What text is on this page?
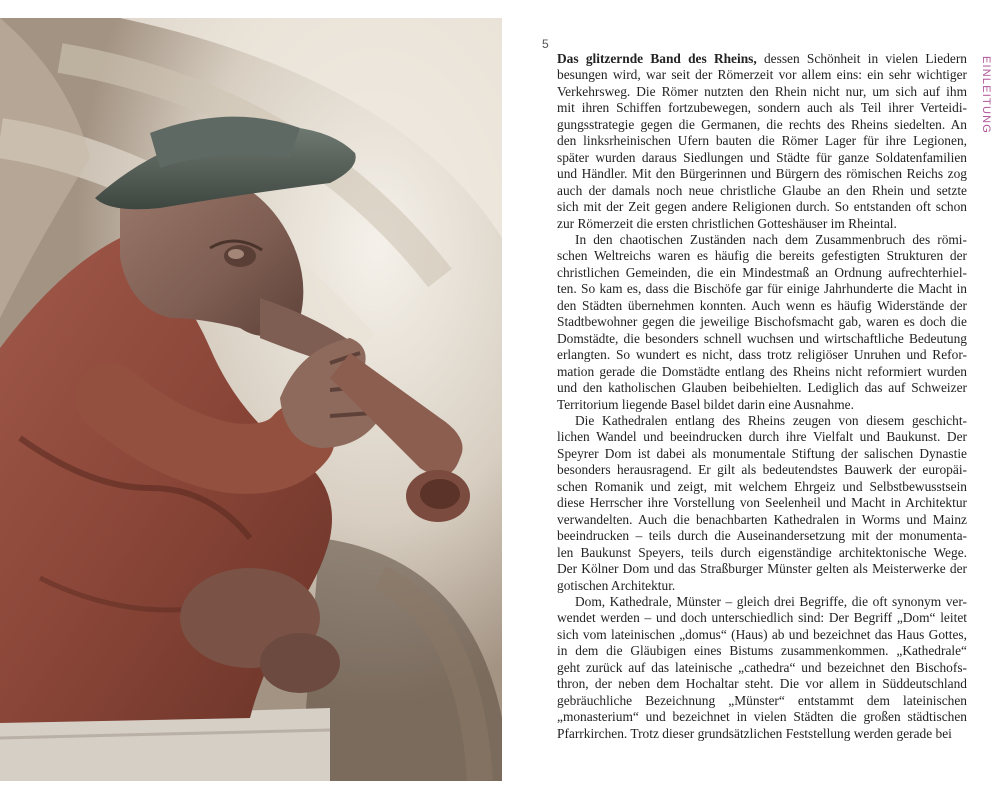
5
EINLEITUNG

Das glitzernde Band des Rheins, dessen Schönheit in vielen Liedern
besungen wird, war seit der Römerzeit vor allem eins: ein sehr wichtiger
Verkehrsweg. Die Römer nutzten den Rhein nicht nur, um sich auf ihm
mit ihren Schiffen fortzubewegen, sondern auch als Teil ihrer Verteidi-
gungsstrategie gegen die Germanen, die rechts des Rheins siedelten. An
den linksrheinischen Ufern bauten die Römer Lager für ihre Legionen,
später wurden daraus Siedlungen und Städte für ganze Soldatenfamilien
und Händler. Mit den Bürgerinnen und Bürgern des römischen Reichs zog
auch der damals noch neue christliche Glaube an den Rhein und setzte
sich mit der Zeit gegen andere Religionen durch. So entstanden oft schon
zur Römerzeit die ersten christlichen Gotteshäuser im Rheintal.

In den chaotischen Zuständen nach dem Zusammenbruch des römi-
schen Weltreichs waren es häufig die bereits gefestigten Strukturen der
christlichen Gemeinden, die ein Mindestmaß an Ordnung aufrechterhiel-
ten. So kam es, dass die Bischöfe gar für einige Jahrhunderte die Macht in
den Städten übernehmen konnten. Auch wenn es häufig Widerstände der
Stadtbewohner gegen die jeweilige Bischofsmacht gab, waren es doch die
Domstädte, die besonders schnell wuchsen und wirtschaftliche Bedeutung
erlangten. So wundert es nicht, dass trotz religiöser Unruhen und Refor-
mation gerade die Domstädte entlang des Rheins nicht reformiert wurden
und den katholischen Glauben beibehielten. Lediglich das auf Schweizer
Territorium liegende Basel bildet darin eine Ausnahme.

Die Kathedralen entlang des Rheins zeugen von diesem geschicht-
lichen Wandel und beeindrucken durch ihre Vielfalt und Baukunst. Der
Speyrer Dom ist dabei als monumentale Stiftung der salischen Dynastie
besonders herausragend. Er gilt als bedeutendstes Bauwerk der europäi-
schen Romanik und zeigt, mit welchem Ehrgeiz und Selbstbewusstsein
diese Herrscher ihre Vorstellung von Seelenheil und Macht in Architektur
verwandelten. Auch die benachbarten Kathedralen in Worms und Mainz
beeindrucken – teils durch die Auseinandersetzung mit der monumenta-
len Baukunst Speyers, teils durch eigenständige architektonische Wege.
Der Kölner Dom und das Straßburger Münster gelten als Meisterwerke der
gotischen Architektur.

Dom, Kathedrale, Münster – gleich drei Begriffe, die oft synonym ver-
wendet werden – und doch unterschiedlich sind: Der Begriff „Dom“ leitet
sich vom lateinischen „domus“ (Haus) ab und bezeichnet das Haus Gottes,
in dem die Gläubigen eines Bistums zusammenkommen. „Kathedrale“
geht zurück auf das lateinische „cathedra“ und bezeichnet den Bischofs-
thron, der neben dem Hochaltar steht. Die vor allem in Süddeutschland
gebräuchliche Bezeichnung „Münster“ entstammt dem lateinischen
„monasterium“ und bezeichnet in vielen Städten die großen städtischen
Pfarrkirchen. Trotz dieser grundsätzlichen Feststellung werden gerade bei
